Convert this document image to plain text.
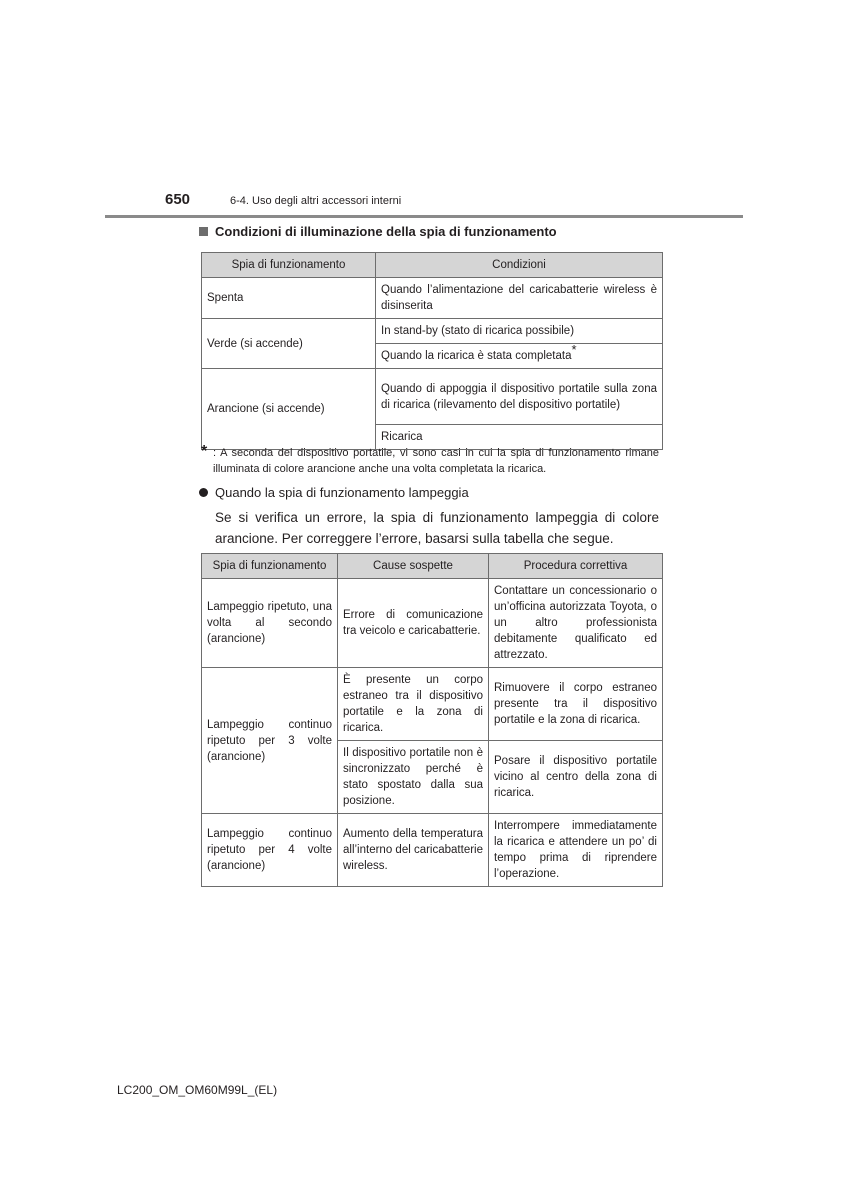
650	6-4. Uso degli altri accessori interni
Condizioni di illuminazione della spia di funzionamento
Spia di funzionamento	Condizioni
Spenta	Quando l’alimentazione del caricabatterie wireless è disinserita
Verde (si accende)	In stand-by (stato di ricarica possibile)
	Quando la ricarica è stata completata*
Arancione (si accende)	Quando di appoggia il dispositivo portatile sulla zona di ricarica (rilevamento del dispositivo portatile)
	Ricarica
* : A seconda del dispositivo portatile, vi sono casi in cui la spia di funzionamento rimane illuminata di colore arancione anche una volta completata la ricarica.
Quando la spia di funzionamento lampeggia
Se si verifica un errore, la spia di funzionamento lampeggia di colore arancione. Per correggere l’errore, basarsi sulla tabella che segue.
Spia di funzionamento	Cause sospette	Procedura correttiva
Lampeggio ripetuto, una volta al secondo (arancione)	Errore di comunicazione tra veicolo e caricabatterie.	Contattare un concessionario o un’officina autorizzata Toyota, o un altro professionista debitamente qualificato ed attrezzato.
Lampeggio continuo ripetuto per 3 volte (arancione)	È presente un corpo estraneo tra il dispositivo portatile e la zona di ricarica.	Rimuovere il corpo estraneo presente tra il dispositivo portatile e la zona di ricarica.
	Il dispositivo portatile non è sincronizzato perché è stato spostato dalla sua posizione.	Posare il dispositivo portatile vicino al centro della zona di ricarica.
Lampeggio continuo ripetuto per 4 volte (arancione)	Aumento della temperatura all’interno del caricabatterie wireless.	Interrompere immediatamente la ricarica e attendere un po’ di tempo prima di riprendere l’operazione.
LC200_OM_OM60M99L_(EL)
